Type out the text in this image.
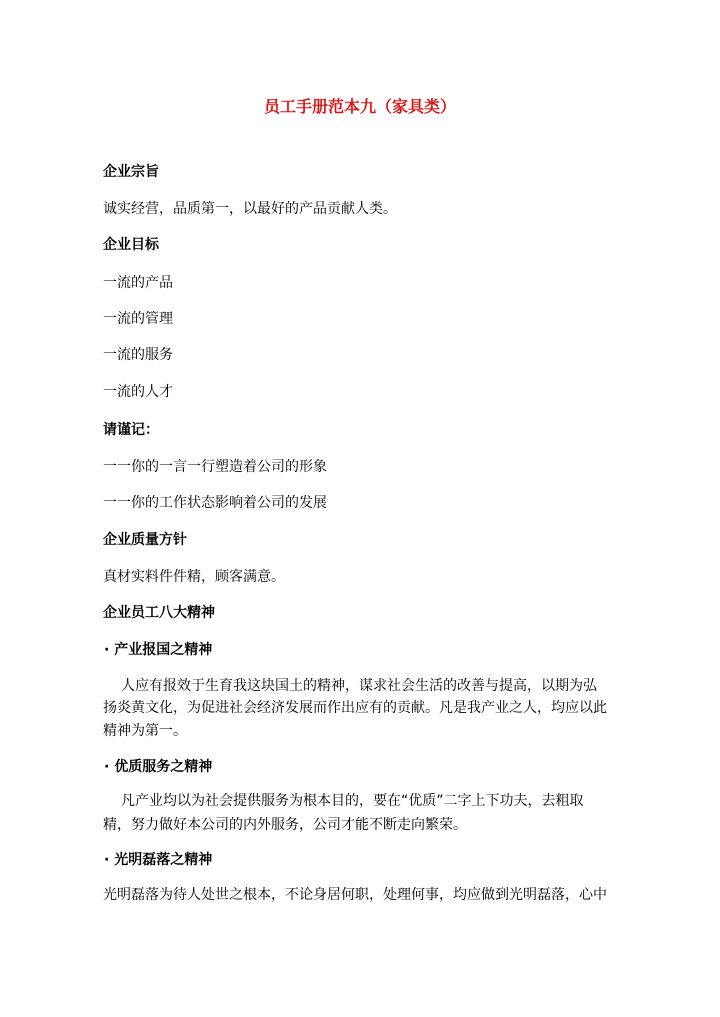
员工手册范本九（家具类）
企业宗旨
诚实经营，品质第一，以最好的产品贡献人类。
企业目标
一流的产品
一流的管理
一流的服务
一流的人才
请谨记：
一一你的一言一行塑造着公司的形象
一一你的工作状态影响着公司的发展
企业质量方针
真材实料件件精，顾客满意。
企业员工八大精神
· 产业报国之精神
人应有报效于生育我这块国土的精神，谋求社会生活的改善与提高，以期为弘
扬炎黄文化，为促进社会经济发展而作出应有的贡献。凡是我产业之人，均应以此
精神为第一。
· 优质服务之精神
凡产业均以为社会提供服务为根本目的，要在“优质”二字上下功夫，去粗取
精，努力做好本公司的内外服务，公司才能不断走向繁荣。
· 光明磊落之精神
光明磊落为待人处世之根本，不论身居何职，处理何事，均应做到光明磊落，心中
